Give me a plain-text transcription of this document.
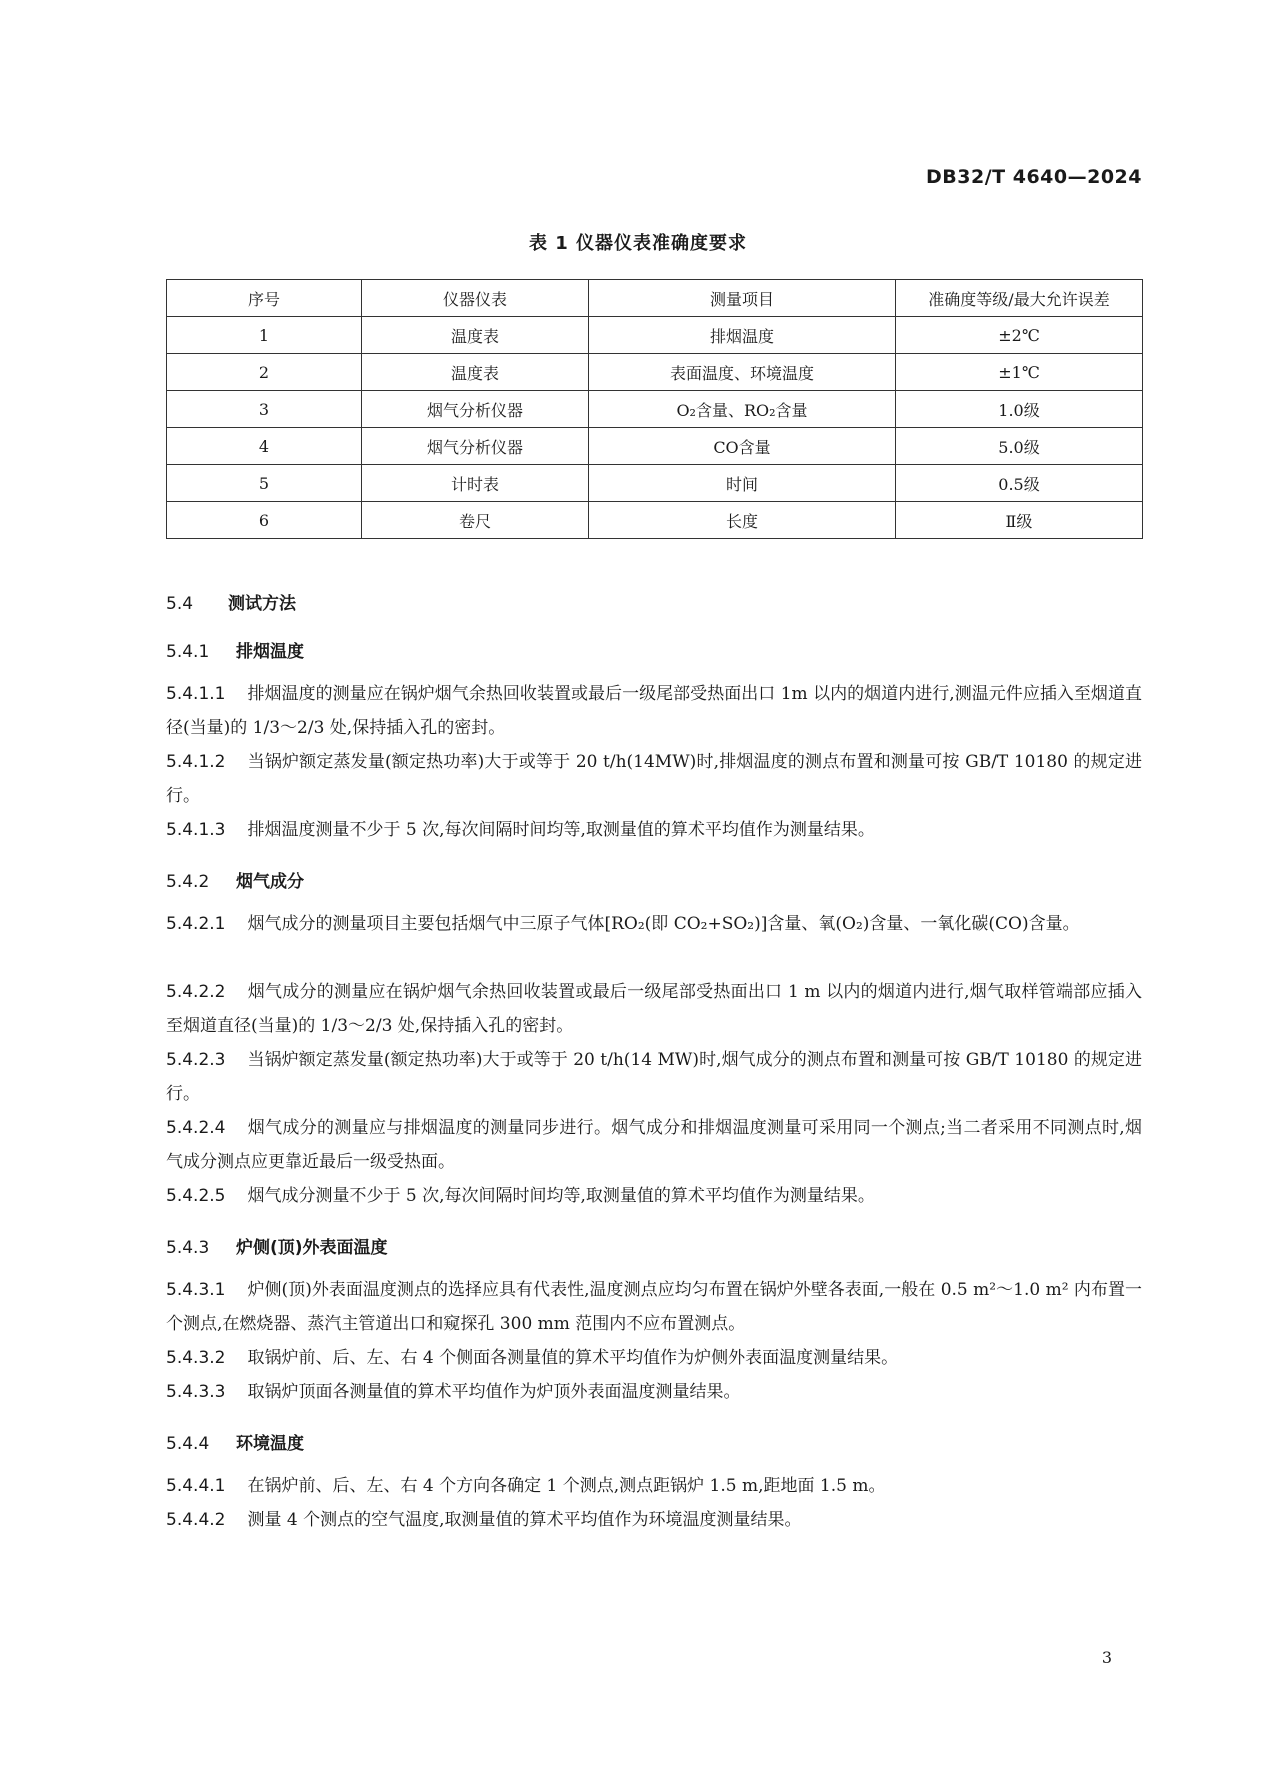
DB32/T 4640—2024
表 1 仪器仪表准确度要求
序号	仪器仪表	测量项目	准确度等级/最大允许误差
1	温度表	排烟温度	±2℃
2	温度表	表面温度、环境温度	±1℃
3	烟气分析仪器	O₂含量、RO₂含量	1.0级
4	烟气分析仪器	CO含量	5.0级
5	计时表	时间	0.5级
6	卷尺	长度	Ⅱ级
5.4 测试方法
5.4.1 排烟温度
5.4.1.1 排烟温度的测量应在锅炉烟气余热回收装置或最后一级尾部受热面出口 1m 以内的烟道内进行,测温元件应插入至烟道直径(当量)的 1/3～2/3 处,保持插入孔的密封。
5.4.1.2 当锅炉额定蒸发量(额定热功率)大于或等于 20 t/h(14MW)时,排烟温度的测点布置和测量可按 GB/T 10180 的规定进行。
5.4.1.3 排烟温度测量不少于 5 次,每次间隔时间均等,取测量值的算术平均值作为测量结果。
5.4.2 烟气成分
5.4.2.1 烟气成分的测量项目主要包括烟气中三原子气体[RO₂(即 CO₂+SO₂)]含量、氧(O₂)含量、一氧化碳(CO)含量。
5.4.2.2 烟气成分的测量应在锅炉烟气余热回收装置或最后一级尾部受热面出口 1 m 以内的烟道内进行,烟气取样管端部应插入至烟道直径(当量)的 1/3～2/3 处,保持插入孔的密封。
5.4.2.3 当锅炉额定蒸发量(额定热功率)大于或等于 20 t/h(14 MW)时,烟气成分的测点布置和测量可按 GB/T 10180 的规定进行。
5.4.2.4 烟气成分的测量应与排烟温度的测量同步进行。烟气成分和排烟温度测量可采用同一个测点;当二者采用不同测点时,烟气成分测点应更靠近最后一级受热面。
5.4.2.5 烟气成分测量不少于 5 次,每次间隔时间均等,取测量值的算术平均值作为测量结果。
5.4.3 炉侧(顶)外表面温度
5.4.3.1 炉侧(顶)外表面温度测点的选择应具有代表性,温度测点应均匀布置在锅炉外壁各表面,一般在 0.5 m²～1.0 m² 内布置一个测点,在燃烧器、蒸汽主管道出口和窥探孔 300 mm 范围内不应布置测点。
5.4.3.2 取锅炉前、后、左、右 4 个侧面各测量值的算术平均值作为炉侧外表面温度测量结果。
5.4.3.3 取锅炉顶面各测量值的算术平均值作为炉顶外表面温度测量结果。
5.4.4 环境温度
5.4.4.1 在锅炉前、后、左、右 4 个方向各确定 1 个测点,测点距锅炉 1.5 m,距地面 1.5 m。
5.4.4.2 测量 4 个测点的空气温度,取测量值的算术平均值作为环境温度测量结果。
3
